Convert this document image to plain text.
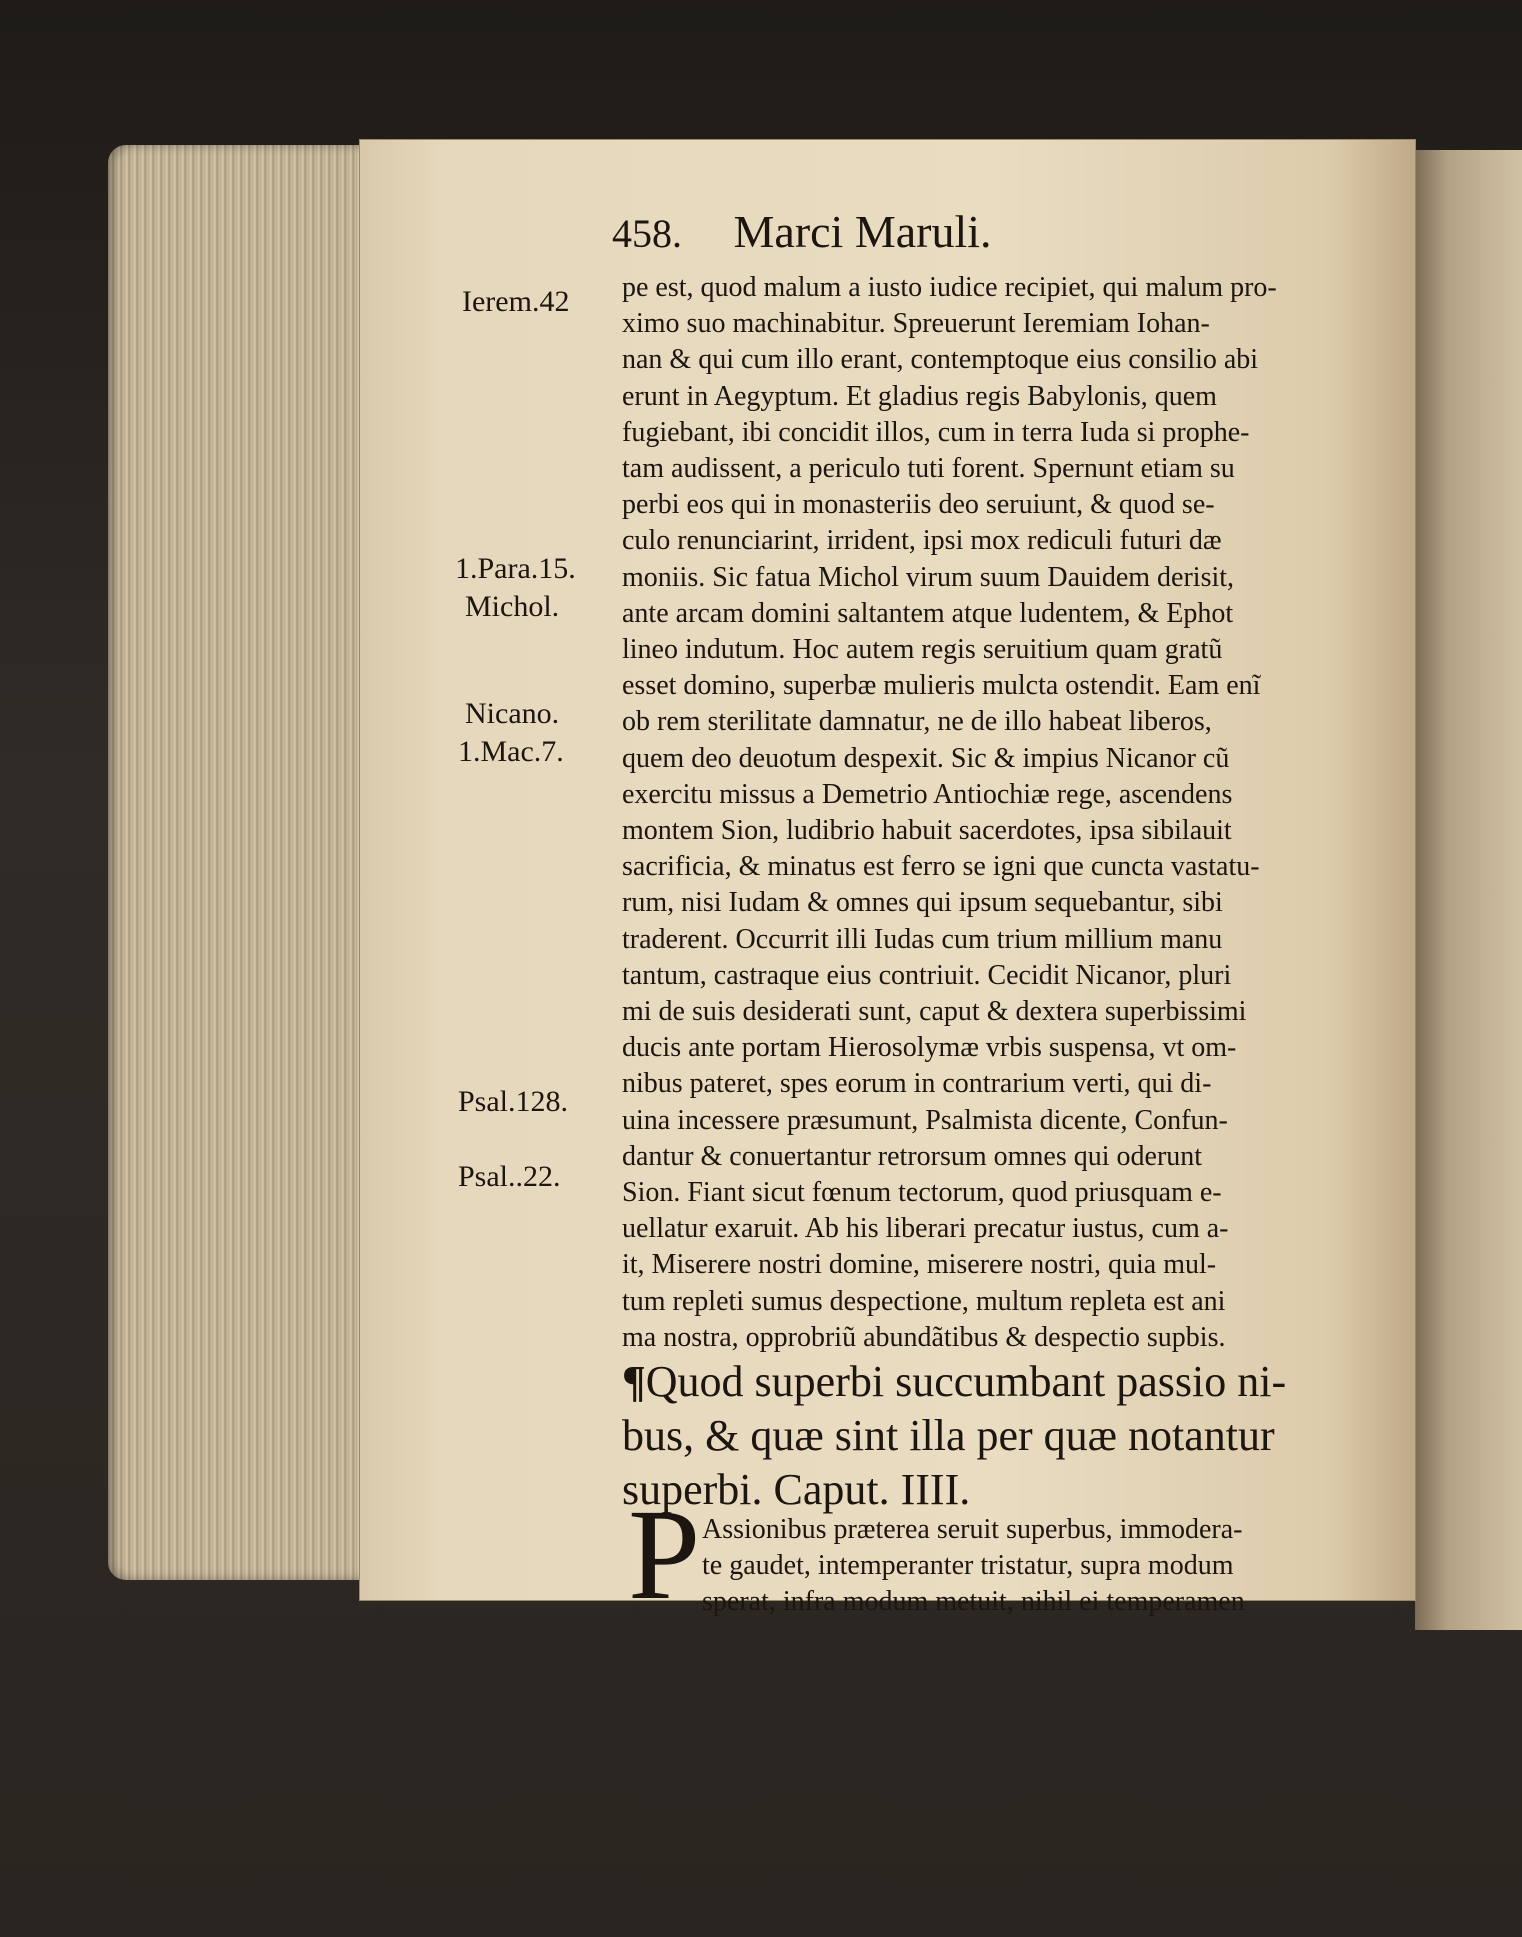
458. Marci Maruli.
Ierem.42
1.Para.15.
Michol.
Nicano.
1.Mac.7.
Psal.128.
Psal..22.
pe est, quod malum a iusto iudice recipiet, qui malum pro-
ximo suo machinabitur. Spreuerunt Ieremiam Iohan-
nan & qui cum illo erant, contemptoque eius consilio abi
erunt in Aegyptum. Et gladius regis Babylonis, quem
fugiebant, ibi concidit illos, cum in terra Iuda si prophe-
tam audissent, a periculo tuti forent. Spernunt etiam su
perbi eos qui in monasteriis deo seruiunt, & quod se-
culo renunciarint, irrident, ipsi mox rediculi futuri dæ
moniis. Sic fatua Michol virum suum Dauidem derisit,
ante arcam domini saltantem atque ludentem, & Ephot
lineo indutum. Hoc autem regis seruitium quam gratũ
esset domino, superbæ mulieris mulcta ostendit. Eam enĩ
ob rem sterilitate damnatur, ne de illo habeat liberos,
quem deo deuotum despexit. Sic & impius Nicanor cũ
exercitu missus a Demetrio Antiochiæ rege, ascendens
montem Sion, ludibrio habuit sacerdotes, ipsa sibilauit
sacrificia, & minatus est ferro se igni que cuncta vastatu-
rum, nisi Iudam & omnes qui ipsum sequebantur, sibi
traderent. Occurrit illi Iudas cum trium millium manu
tantum, castraque eius contriuit. Cecidit Nicanor, pluri
mi de suis desiderati sunt, caput & dextera superbissimi
ducis ante portam Hierosolymæ vrbis suspensa, vt om-
nibus pateret, spes eorum in contrarium verti, qui di-
uina incessere præsumunt, Psalmista dicente, Confun-
dantur & conuertantur retrorsum omnes qui oderunt
Sion. Fiant sicut fœnum tectorum, quod priusquam e-
uellatur exaruit. Ab his liberari precatur iustus, cum a-
it, Miserere nostri domine, miserere nostri, quia mul-
tum repleti sumus despectione, multum repleta est ani
ma nostra, opprobriũ abundãtibus & despectio supbis.
¶Quod superbi succumbant passio ni-
bus, & quæ sint illa per quæ notantur
superbi. Caput. IIII.
P Assionibus præterea seruit superbus, immodera-
te gaudet, intemperanter tristatur, supra modum
sperat, infra modum metuit, nihil ei temperamen
